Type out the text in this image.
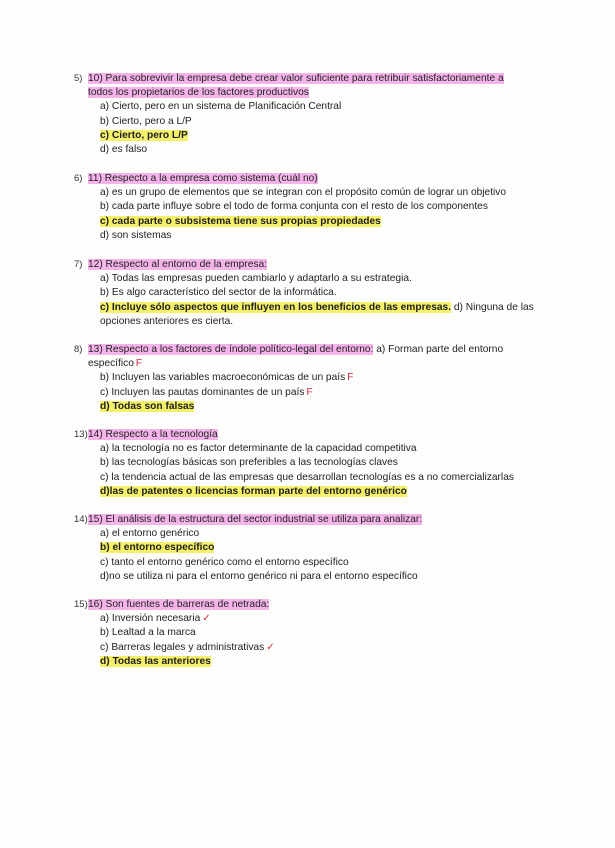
5) 10) Para sobrevivir la empresa debe crear valor suficiente para retribuir satisfactoriamente a
todos los propietarios de los factores productivos
a) Cierto, pero en un sistema de Planificación Central
b) Cierto, pero a L/P
c) Cierto, pero L/P
d) es falso
6) 11) Respecto a la empresa como sistema (cuál no)
a) es un grupo de elementos que se integran con el propósito común de lograr un objetivo
b) cada parte influye sobre el todo de forma conjunta con el resto de los componentes
c) cada parte o subsistema tiene sus propias propiedades
d) son sistemas
7) 12) Respecto al entorno de la empresa:
a) Todas las empresas pueden cambiarlo y adaptarlo a su estrategia.
b) Es algo característico del sector de la informática.
c) Incluye sólo aspectos que influyen en los beneficios de las empresas. d) Ninguna de las opciones anteriores es cierta.
8) 13) Respecto a los factores de índole político-legal del entorno: a) Forman parte del entorno específico F
b) Incluyen las variables macroeconómicas de un país F
c) Incluyen las pautas dominantes de un país F
d) Todas son falsas
13) 14) Respecto a la tecnología
a) la tecnología no es factor determinante de la capacidad competitiva
b) las tecnologías básicas son preferibles a las tecnologías claves
c) la tendencia actual de las empresas que desarrollan tecnologías es a no comercializarlas
d)las de patentes o licencias forman parte del entorno genérico
14) 15) El análisis de la estructura del sector industrial se utiliza para analizar:
a) el entorno genérico
b) el entorno específico
c) tanto el entorno genérico como el entorno específico
d)no se utiliza ni para el entorno genérico ni para el entorno específico
15) 16) Son fuentes de barreras de netrada:
a) Inversión necesaria ✓
b) Lealtad a la marca
c) Barreras legales y administrativas ✓
d) Todas las anteriores
